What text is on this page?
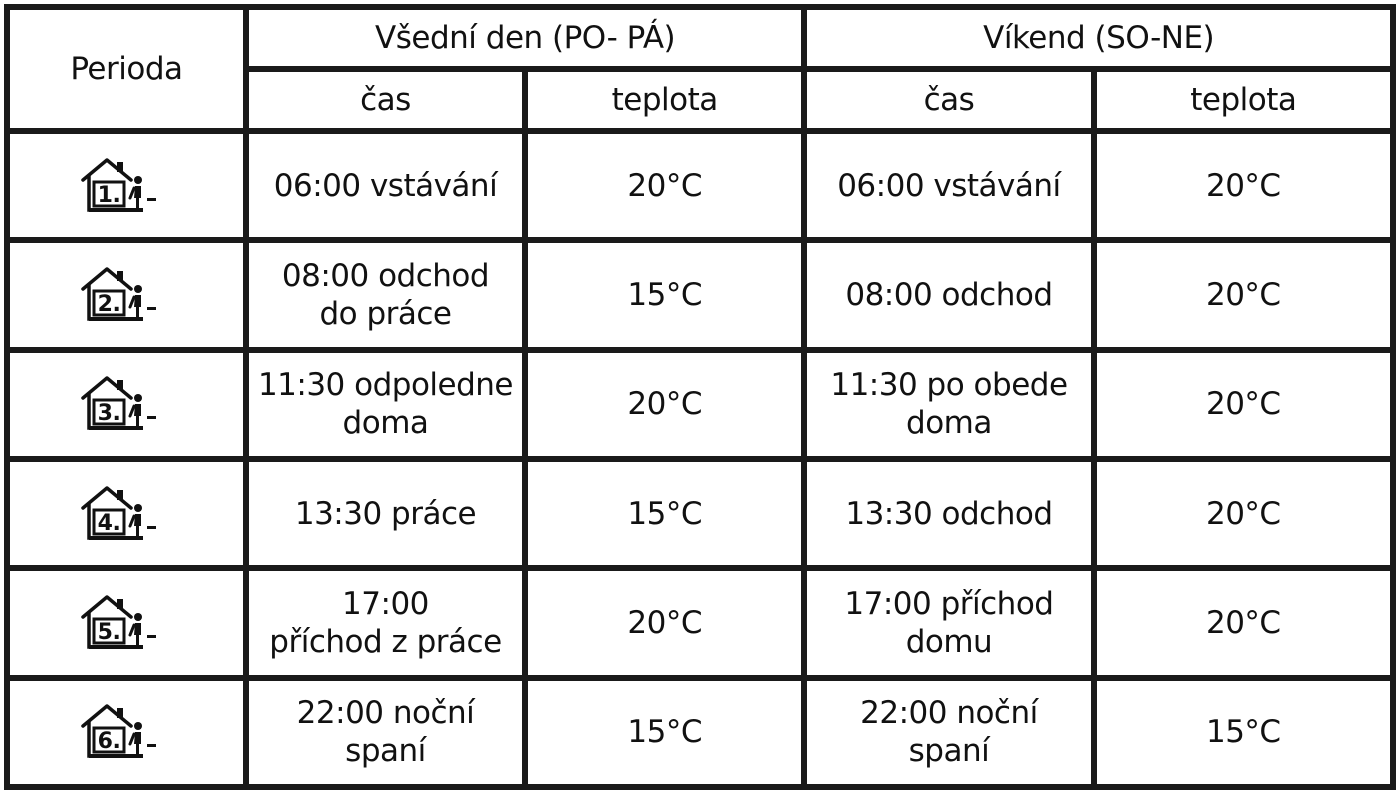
Perioda	Všední den (PO- PÁ)		Víkend (SO-NE)	
	čas	teplota	čas	teplota

1.	06:00 vstávání	20°C	06:00 vstávání	20°C

2.	08:00 odchod
do práce	15°C	08:00 odchod	20°C

3.	11:30 odpoledne
doma	20°C	11:30 po obede
doma	20°C

4.	13:30 práce	15°C	13:30 odchod	20°C

5.	17:00
příchod z práce	20°C	17:00 příchod
domu	20°C

6.	22:00 noční
spaní	15°C	22:00 noční
spaní	15°C
